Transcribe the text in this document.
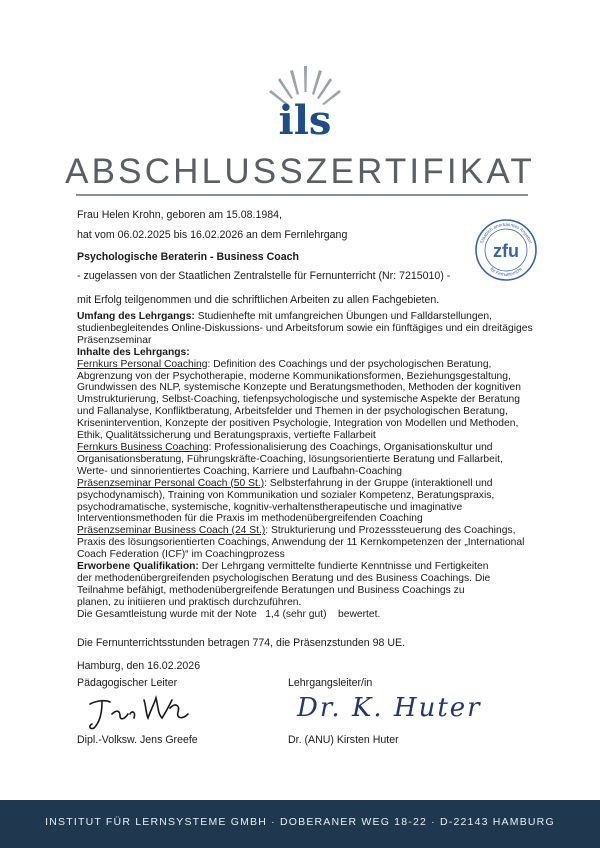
ils
ABSCHLUSSZERTIFIKAT
Frau Helen Krohn, geboren am 15.08.1984,
hat vom 06.02.2025 bis 16.02.2026 an dem Fernlehrgang
Psychologische Beraterin - Business Coach
- zugelassen von der Staatlichen Zentralstelle für Fernunterricht (Nr: 7215010) -
mit Erfolg teilgenommen und die schriftlichen Arbeiten zu allen Fachgebieten.
Staatlich anerkanntes Angebot
für Fernunterricht
zfu
Umfang des Lehrgangs: Studienhefte mit umfangreichen Übungen und Falldarstellungen,
studienbegleitendes Online-Diskussions- und Arbeitsforum sowie ein fünftägiges und ein dreitägiges
Präsenzseminar
Inhalte des Lehrgangs:
Fernkurs Personal Coaching: Definition des Coachings und der psychologischen Beratung,
Abgrenzung von der Psychotherapie, moderne Kommunikationsformen, Beziehungsgestaltung,
Grundwissen des NLP, systemische Konzepte und Beratungsmethoden, Methoden der kognitiven
Umstrukturierung, Selbst-Coaching, tiefenpsychologische und systemische Aspekte der Beratung
und Fallanalyse, Konfliktberatung, Arbeitsfelder und Themen in der psychologischen Beratung,
Krisenintervention, Konzepte der positiven Psychologie, Integration von Modellen und Methoden,
Ethik, Qualitätssicherung und Beratungspraxis, vertiefte Fallarbeit
Fernkurs Business Coaching: Professionalisierung des Coachings, Organisationskultur und
Organisationsberatung, Führungskräfte-Coaching, lösungsorientierte Beratung und Fallarbeit,
Werte- und sinnorientiertes Coaching, Karriere und Laufbahn-Coaching
Präsenzseminar Personal Coach (50 St.): Selbsterfahrung in der Gruppe (interaktionell und
psychodynamisch), Training von Kommunikation und sozialer Kompetenz, Beratungspraxis,
psychodramatische, systemische, kognitiv-verhaltenstherapeutische und imaginative
Interventionsmethoden für die Praxis im methodenübergreifenden Coaching
Präsenzseminar Business Coach (24 St.): Strukturierung und Prozesssteuerung des Coachings,
Praxis des lösungsorientierten Coachings, Anwendung der 11 Kernkompetenzen der „International
Coach Federation (ICF)“ im Coachingprozess
Erworbene Qualifikation: Der Lehrgang vermittelte fundierte Kenntnisse und Fertigkeiten
der methodenübergreifenden psychologischen Beratung und des Business Coachings. Die
Teilnahme befähigt, methodenübergreifende Beratungen und Business Coachings zu
planen, zu initiieren und praktisch durchzuführen.
Die Gesamtleistung wurde mit der Note 1,4 (sehr gut) bewertet.
Die Fernunterrichtsstunden betragen 774, die Präsenzstunden 98 UE.
Hamburg, den 16.02.2026
Pädagogischer Leiter	Lehrgangsleiter/in
Dr. K. Huter
Dipl.-Volksw. Jens Greefe	Dr. (ANU) Kirsten Huter
INSTITUT FÜR LERNSYSTEME GMBH · DOBERANER WEG 18-22 · D-22143 HAMBURG
